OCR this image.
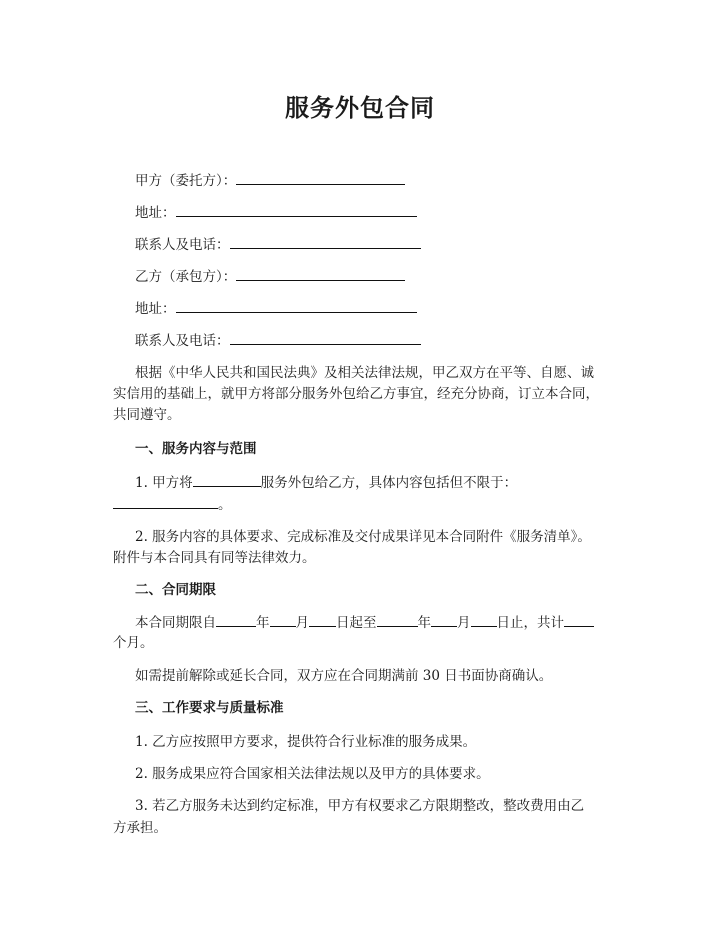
服务外包合同
甲方（委托方）：
地址：
联系人及电话：
乙方（承包方）：
地址：
联系人及电话：
根据《中华人民共和国民法典》及相关法律法规，甲乙双方在平等、自愿、诚
实信用的基础上，就甲方将部分服务外包给乙方事宜，经充分协商，订立本合同，
共同遵守。
一、服务内容与范围
1. 甲方将	服务外包给乙方，具体内容包括但不限于：
。
2. 服务内容的具体要求、完成标准及交付成果详见本合同附件《服务清单》。
附件与本合同具有同等法律效力。
二、合同期限
本合同期限自	年 月 日起至	年 月 日止，共计
个月。
如需提前解除或延长合同，双方应在合同期满前 30 日书面协商确认。
三、工作要求与质量标准
1. 乙方应按照甲方要求，提供符合行业标准的服务成果。
2. 服务成果应符合国家相关法律法规以及甲方的具体要求。
3. 若乙方服务未达到约定标准，甲方有权要求乙方限期整改，整改费用由乙
方承担。
